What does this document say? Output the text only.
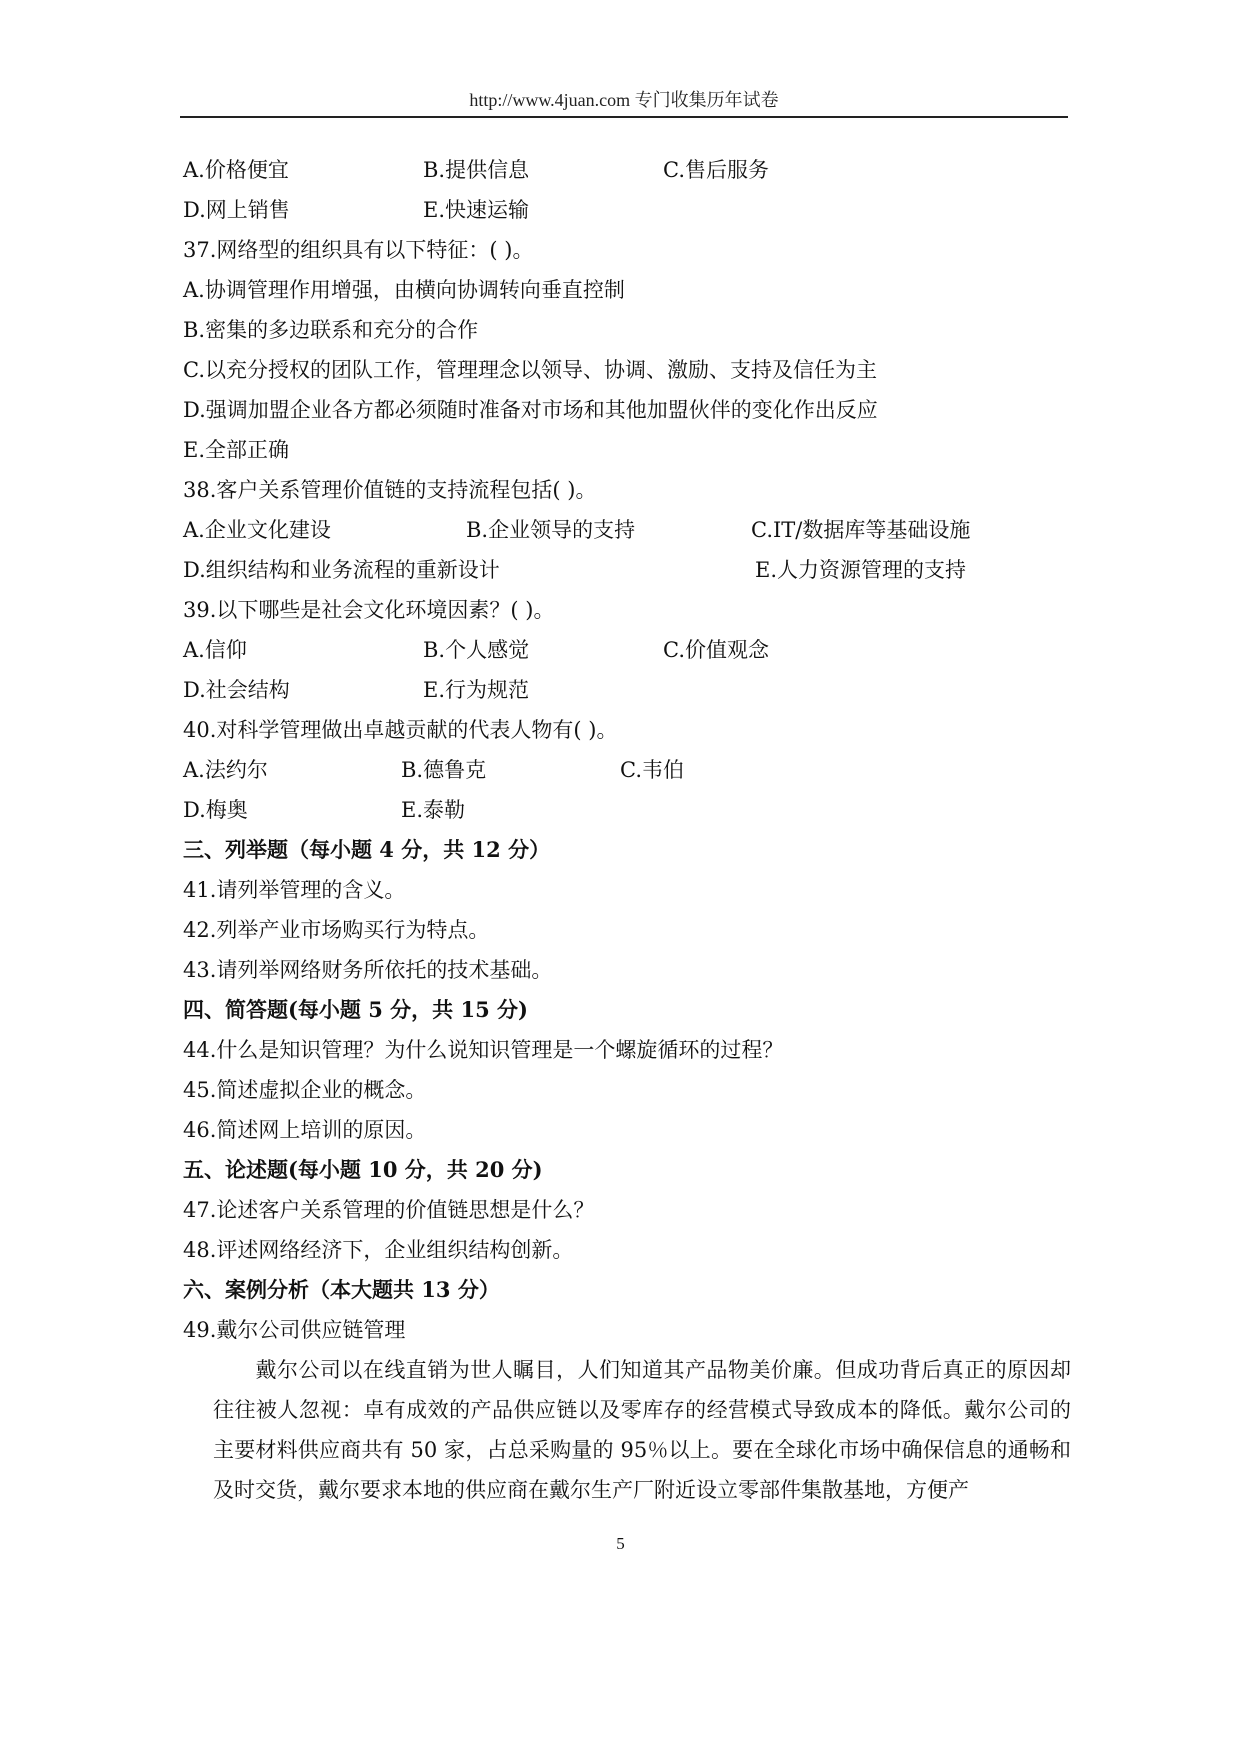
http://www.4juan.com 专门收集历年试卷
A.价格便宜	B.提供信息	C.售后服务
D.网上销售	E.快速运输
37.网络型的组织具有以下特征：( )。
A.协调管理作用增强，由横向协调转向垂直控制
B.密集的多边联系和充分的合作
C.以充分授权的团队工作，管理理念以领导、协调、激励、支持及信任为主
D.强调加盟企业各方都必须随时准备对市场和其他加盟伙伴的变化作出反应
E.全部正确
38.客户关系管理价值链的支持流程包括( )。
A.企业文化建设	B.企业领导的支持	C.IT/数据库等基础设施
D.组织结构和业务流程的重新设计	E.人力资源管理的支持
39.以下哪些是社会文化环境因素？( )。
A.信仰	B.个人感觉	C.价值观念
D.社会结构	E.行为规范
40.对科学管理做出卓越贡献的代表人物有( )。
A.法约尔	B.德鲁克	C.韦伯
D.梅奥	E.泰勒
三、列举题（每小题 4 分，共 12 分）
41.请列举管理的含义。
42.列举产业市场购买行为特点。
43.请列举网络财务所依托的技术基础。
四、简答题(每小题 5 分，共 15 分)
44.什么是知识管理？为什么说知识管理是一个螺旋循环的过程？
45.简述虚拟企业的概念。
46.简述网上培训的原因。
五、论述题(每小题 10 分，共 20 分)
47.论述客户关系管理的价值链思想是什么？
48.评述网络经济下，企业组织结构创新。
六、案例分析（本大题共 13 分）
49.戴尔公司供应链管理

戴尔公司以在线直销为世人瞩目，人们知道其产品物美价廉。但成功背后真正的原因却往往被人忽视：卓有成效的产品供应链以及零库存的经营模式导致成本的降低。戴尔公司的主要材料供应商共有 50 家，占总采购量的 95％以上。要在全球化市场中确保信息的通畅和及时交货，戴尔要求本地的供应商在戴尔生产厂附近设立零部件集散基地，方便产

5
